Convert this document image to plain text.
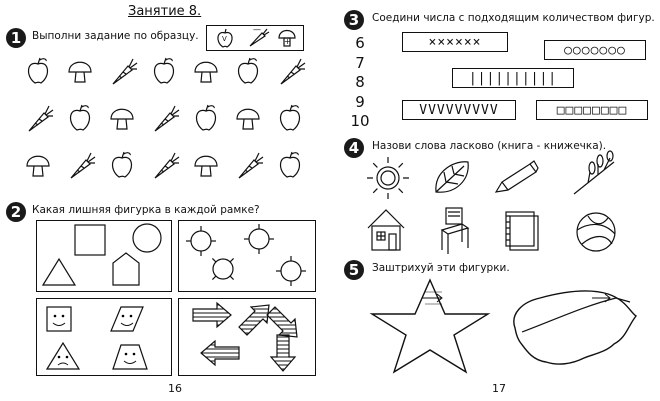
Занятие 8.
1	Выполни задание по образцу.	V
—
+
2	Какая лишняя фигурка в каждой рамке?
16
3	Соедини числа с подходящим количеством фигур.
6
7
8
9
10
××××××
○○○○○○○
||||||||||
VVVVVVVVV	□□□□□□□□
4	Назови слова ласково (книга - книжечка).
5	Заштрихуй эти фигурки.
17
